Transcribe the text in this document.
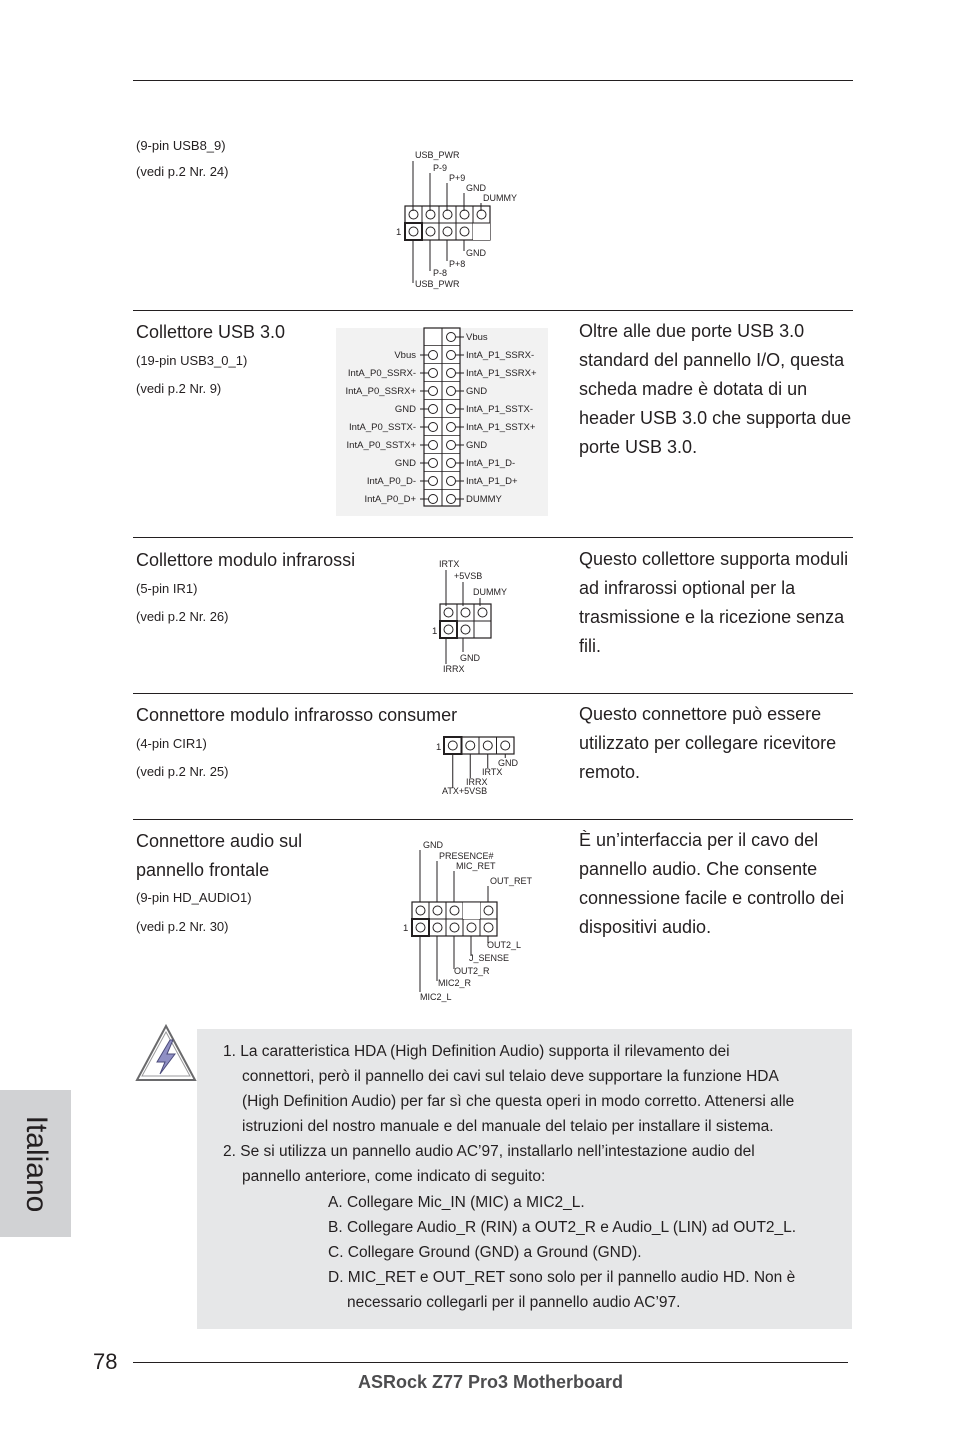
(9-pin USB8_9)
(vedi p.2 Nr. 24)
USB_PWR
P-9
P+9
GND
DUMMY
1
GND
P+8
P-8
USB_PWR
Collettore USB 3.0
(19-pin USB3_0_1)
(vedi p.2 Nr. 9)
Vbus
IntA_P1_SSRX-
IntA_P1_SSRX+
GND
IntA_P1_SSTX-
IntA_P1_SSTX+
GND
IntA_P1_D-
IntA_P1_D+
DUMMY
Vbus
IntA_P0_SSRX-
IntA_P0_SSRX+
GND
IntA_P0_SSTX-
IntA_P0_SSTX+
GND
IntA_P0_D-
IntA_P0_D+
Oltre alle due porte USB 3.0 standard del pannello I/O, questa scheda madre è dotata di un header USB 3.0 che supporta due porte USB 3.0.
Collettore modulo infrarossi
(5-pin IR1)
(vedi p.2 Nr. 26)
IRTX
+5VSB
DUMMY
1
GND
IRRX
Questo collettore supporta moduli ad infrarossi optional per la trasmissione e la ricezione senza fili.
Connettore modulo infrarosso consumer
(4-pin CIR1)
(vedi p.2 Nr. 25)
1
GND
IRTX
IRRX
ATX+5VSB
Questo connettore può essere utilizzato per collegare ricevitore remoto.
Connettore audio sul
pannello frontale
(9-pin HD_AUDIO1)
(vedi p.2 Nr. 30)
GND
PRESENCE#
MIC_RET
OUT_RET
1
OUT2_L
J_SENSE
OUT2_R
MIC2_R
MIC2_L
È un’interfaccia per il cavo del pannello audio. Che consente connessione facile e controllo dei dispositivi audio.

1. La caratteristica HDA (High Definition Audio) supporta il rilevamento dei

connettori, però il pannello dei cavi sul telaio deve supportare la funzione HDA

(High Definition Audio) per far sì che questa operi in modo corretto. Attenersi alle

istruzioni del nostro manuale e del manuale del telaio per installare il sistema.

2. Se si utilizza un pannello audio AC’97, installarlo nell’intestazione audio del

pannello anteriore, come indicato di seguito:

A. Collegare Mic_IN (MIC) a MIC2_L.

B. Collegare Audio_R (RIN) a OUT2_R e Audio_L (LIN) ad OUT2_L.

C. Collegare Ground (GND) a Ground (GND).

D. MIC_RET e OUT_RET sono solo per il pannello audio HD. Non è

necessario collegarli per il pannello audio AC’97.

Italiano
78
ASRock Z77 Pro3 Motherboard
